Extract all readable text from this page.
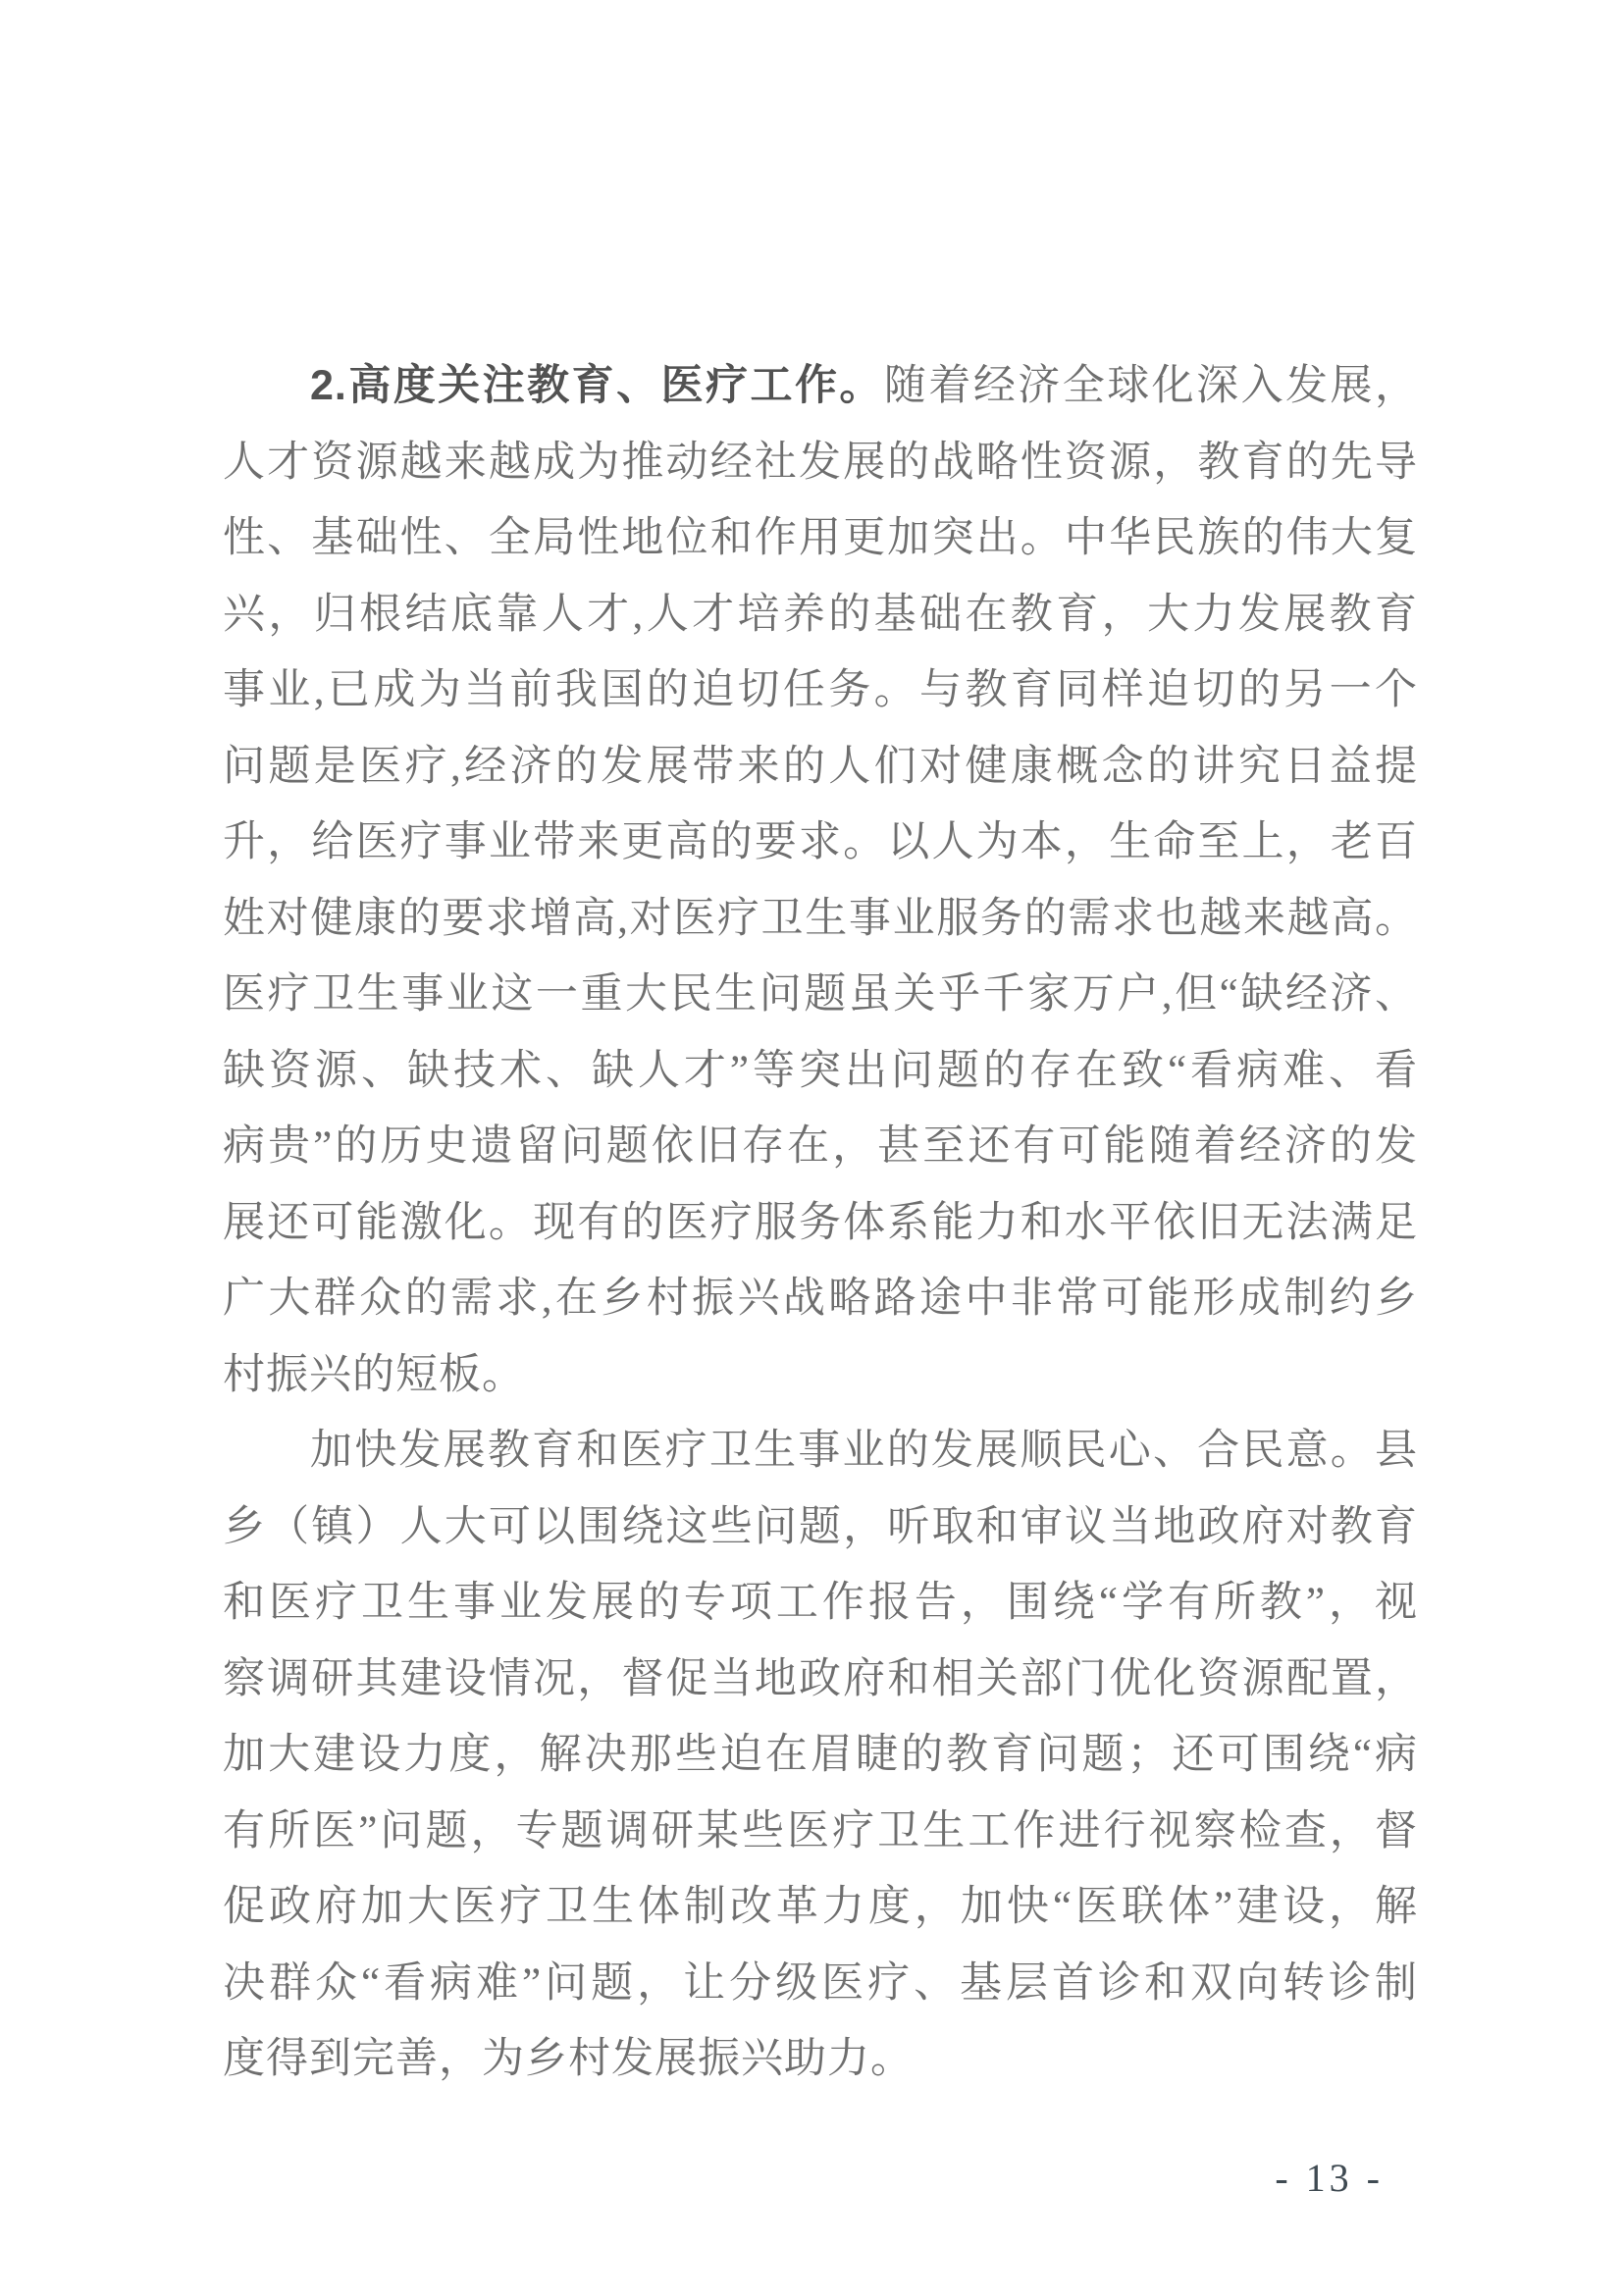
2.高度关注教育、医疗工作。随着经济全球化深入发展，

人才资源越来越成为推动经社发展的战略性资源，教育的先导

性、基础性、全局性地位和作用更加突出。中华民族的伟大复

兴，归根结底靠人才,人才培养的基础在教育，大力发展教育

事业,已成为当前我国的迫切任务。与教育同样迫切的另一个

问题是医疗,经济的发展带来的人们对健康概念的讲究日益提

升，给医疗事业带来更高的要求。以人为本，生命至上，老百

姓对健康的要求增高,对医疗卫生事业服务的需求也越来越高。

医疗卫生事业这一重大民生问题虽关乎千家万户,但“缺经济、

缺资源、缺技术、缺人才”等突出问题的存在致“看病难、看

病贵”的历史遗留问题依旧存在，甚至还有可能随着经济的发

展还可能激化。现有的医疗服务体系能力和水平依旧无法满足

广大群众的需求,在乡村振兴战略路途中非常可能形成制约乡

村振兴的短板。

加快发展教育和医疗卫生事业的发展顺民心、合民意。县

乡（镇）人大可以围绕这些问题，听取和审议当地政府对教育

和医疗卫生事业发展的专项工作报告，围绕“学有所教”，视

察调研其建设情况，督促当地政府和相关部门优化资源配置，

加大建设力度，解决那些迫在眉睫的教育问题；还可围绕“病

有所医”问题，专题调研某些医疗卫生工作进行视察检查，督

促政府加大医疗卫生体制改革力度，加快“医联体”建设，解

决群众“看病难”问题，让分级医疗、基层首诊和双向转诊制

度得到完善，为乡村发展振兴助力。

- 13 -
